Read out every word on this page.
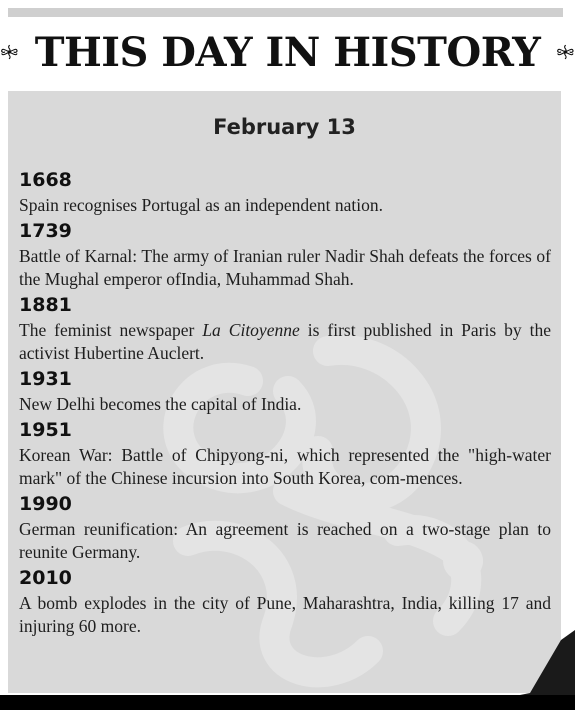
THIS DAY IN HISTORY
February 13
1668
Spain recognises Portugal as an independent nation.
1739
Battle of Karnal: The army of Iranian ruler Nadir Shah defeats the forces of the Mughal emperor ofIndia, Muhammad Shah.
1881
The feminist newspaper La Citoyenne is first published in Paris by the activist Hubertine Auclert.
1931
New Delhi becomes the capital of India.
1951
Korean War: Battle of Chipyong-ni, which represented the "high-water mark" of the Chinese incursion into South Korea, com-mences.
1990
German reunification: An agreement is reached on a two-stage plan to reunite Germany.
2010
A bomb explodes in the city of Pune, Maharashtra, India, killing 17 and injuring 60 more.
